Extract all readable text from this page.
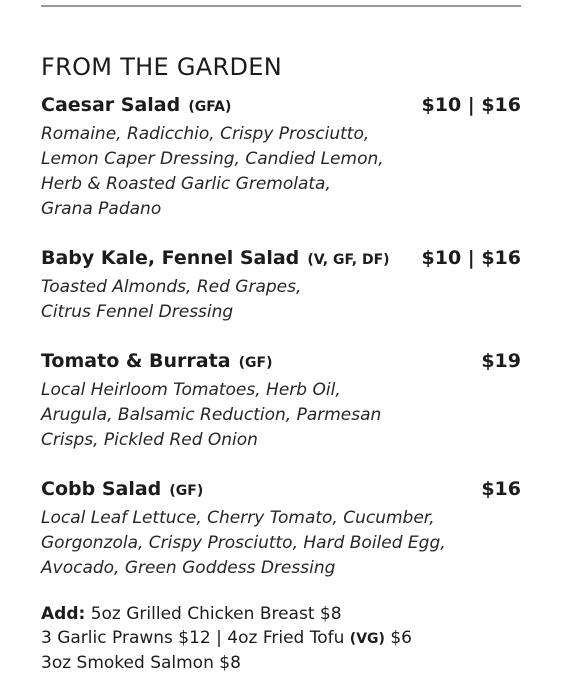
FROM THE GARDEN
Caesar Salad (GFA)	$10 | $16
Romaine, Radicchio, Crispy Prosciutto,
Lemon Caper Dressing, Candied Lemon,
Herb & Roasted Garlic Gremolata,
Grana Padano
Baby Kale, Fennel Salad (V, GF, DF) $10 | $16
Toasted Almonds, Red Grapes,
Citrus Fennel Dressing
Tomato & Burrata (GF)	$19
Local Heirloom Tomatoes, Herb Oil,
Arugula, Balsamic Reduction, Parmesan
Crisps, Pickled Red Onion
Cobb Salad (GF)	$16
Local Leaf Lettuce, Cherry Tomato, Cucumber,
Gorgonzola, Crispy Prosciutto, Hard Boiled Egg,
Avocado, Green Goddess Dressing
Add: 5oz Grilled Chicken Breast $8
3 Garlic Prawns $12 | 4oz Fried Tofu (VG) $6
3oz Smoked Salmon $8
